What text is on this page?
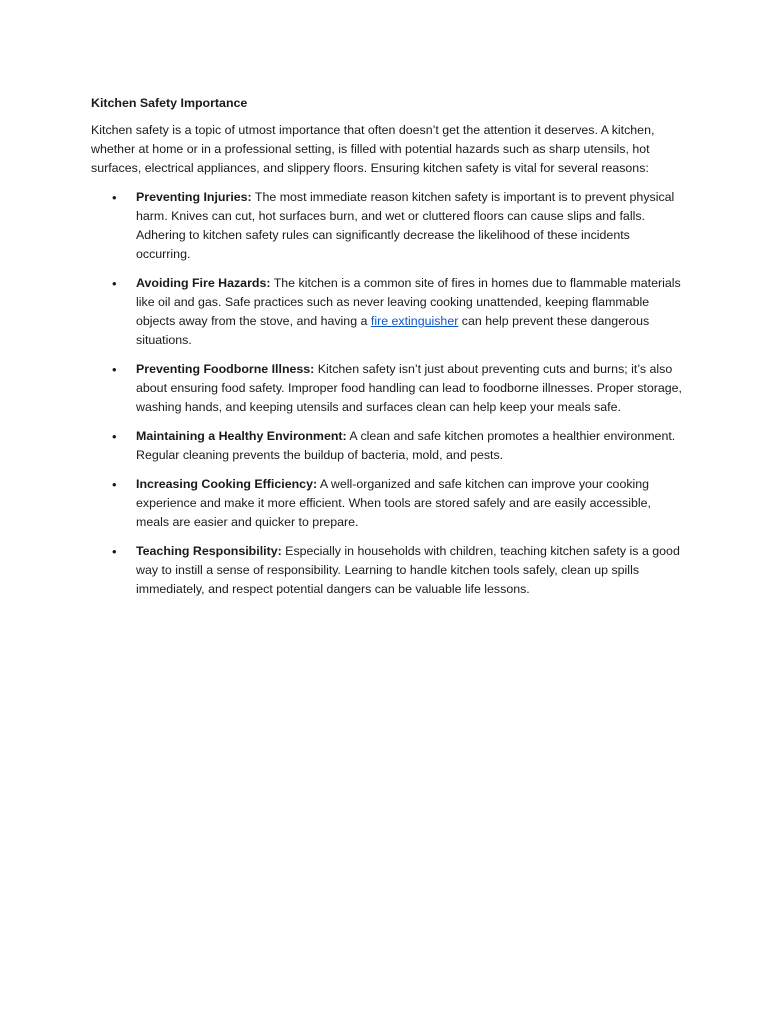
Kitchen Safety Importance

Kitchen safety is a topic of utmost importance that often doesn’t get the attention it deserves. A kitchen, whether at home or in a professional setting, is filled with potential hazards such as sharp utensils, hot surfaces, electrical appliances, and slippery floors. Ensuring kitchen safety is vital for several reasons:

• Preventing Injuries: The most immediate reason kitchen safety is important is to prevent physical harm. Knives can cut, hot surfaces burn, and wet or cluttered floors can cause slips and falls. Adhering to kitchen safety rules can significantly decrease the likelihood of these incidents occurring.
• Avoiding Fire Hazards: The kitchen is a common site of fires in homes due to flammable materials like oil and gas. Safe practices such as never leaving cooking unattended, keeping flammable objects away from the stove, and having a fire extinguisher can help prevent these dangerous situations.
• Preventing Foodborne Illness: Kitchen safety isn’t just about preventing cuts and burns; it’s also about ensuring food safety. Improper food handling can lead to foodborne illnesses. Proper storage, washing hands, and keeping utensils and surfaces clean can help keep your meals safe.
• Maintaining a Healthy Environment: A clean and safe kitchen promotes a healthier environment. Regular cleaning prevents the buildup of bacteria, mold, and pests.
• Increasing Cooking Efficiency: A well-organized and safe kitchen can improve your cooking experience and make it more efficient. When tools are stored safely and are easily accessible, meals are easier and quicker to prepare.
• Teaching Responsibility: Especially in households with children, teaching kitchen safety is a good way to instill a sense of responsibility. Learning to handle kitchen tools safely, clean up spills immediately, and respect potential dangers can be valuable life lessons.
